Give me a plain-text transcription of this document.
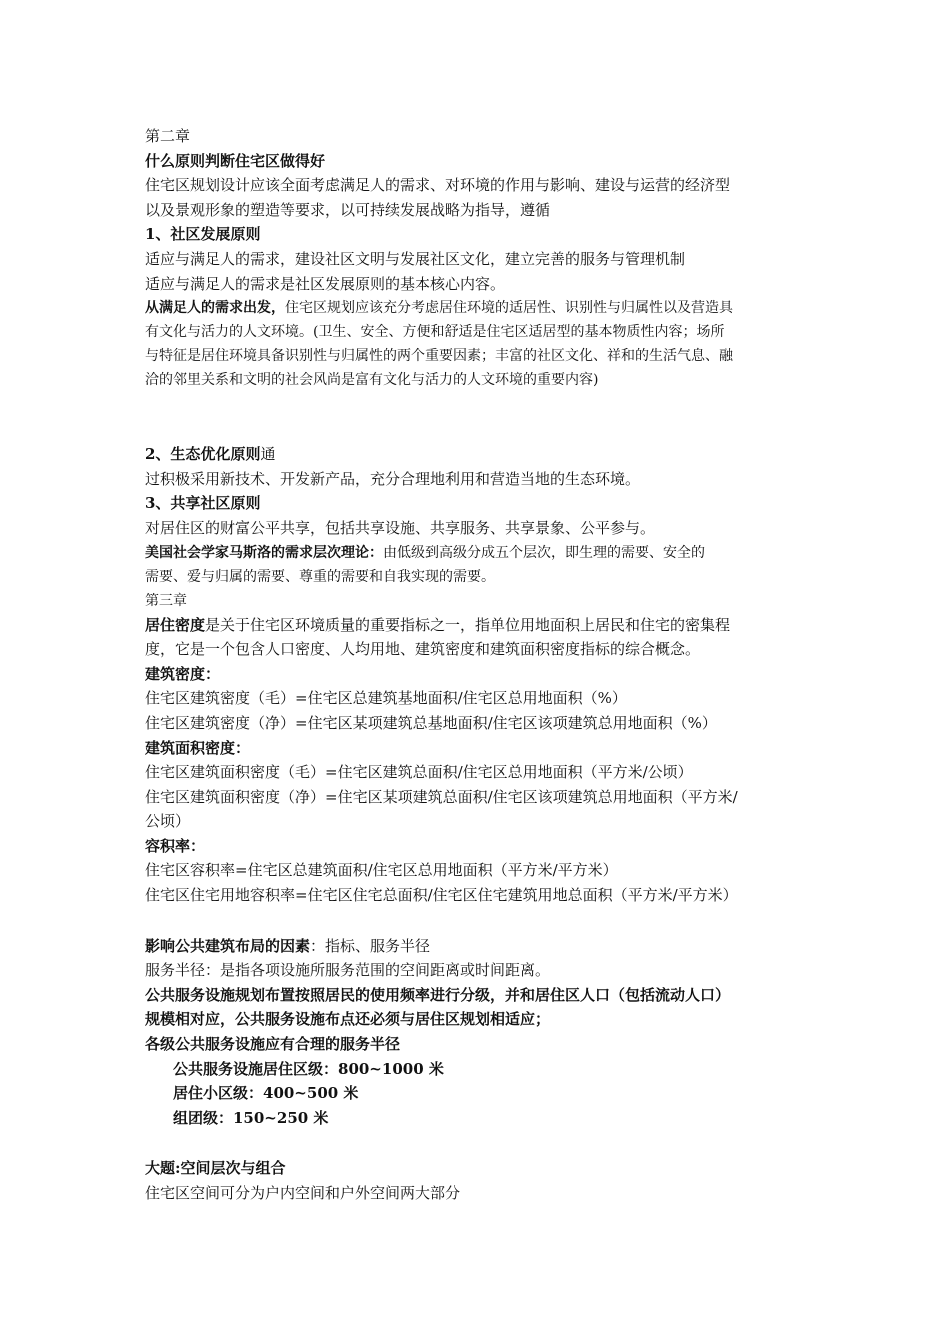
第二章
什么原则判断住宅区做得好
住宅区规划设计应该全面考虑满足人的需求、对环境的作用与影响、建设与运营的经济型
以及景观形象的塑造等要求，以可持续发展战略为指导，遵循
1、社区发展原则
适应与满足人的需求，建设社区文明与发展社区文化，建立完善的服务与管理机制
适应与满足人的需求是社区发展原则的基本核心内容。
从满足人的需求出发，住宅区规划应该充分考虑居住环境的适居性、识别性与归属性以及营造具
有文化与活力的人文环境。(卫生、安全、方便和舒适是住宅区适居型的基本物质性内容；场所
与特征是居住环境具备识别性与归属性的两个重要因素；丰富的社区文化、祥和的生活气息、融
洽的邻里关系和文明的社会风尚是富有文化与活力的人文环境的重要内容)
2、生态优化原则通
过积极采用新技术、开发新产品，充分合理地利用和营造当地的生态环境。
3、共享社区原则
对居住区的财富公平共享，包括共享设施、共享服务、共享景象、公平参与。
美国社会学家马斯洛的需求层次理论：由低级到高级分成五个层次，即生理的需要、安全的
需要、爱与归属的需要、尊重的需要和自我实现的需要。
第三章
居住密度是关于住宅区环境质量的重要指标之一，指单位用地面积上居民和住宅的密集程
度，它是一个包含人口密度、人均用地、建筑密度和建筑面积密度指标的综合概念。
建筑密度：
住宅区建筑密度（毛）=住宅区总建筑基地面积/住宅区总用地面积（%）
住宅区建筑密度（净）=住宅区某项建筑总基地面积/住宅区该项建筑总用地面积（%）
建筑面积密度：
住宅区建筑面积密度（毛）=住宅区建筑总面积/住宅区总用地面积（平方米/公顷）
住宅区建筑面积密度（净）=住宅区某项建筑总面积/住宅区该项建筑总用地面积（平方米/
公顷）
容积率：
住宅区容积率=住宅区总建筑面积/住宅区总用地面积（平方米/平方米）
住宅区住宅用地容积率=住宅区住宅总面积/住宅区住宅建筑用地总面积（平方米/平方米）
影响公共建筑布局的因素：指标、服务半径
服务半径：是指各项设施所服务范围的空间距离或时间距离。
公共服务设施规划布置按照居民的使用频率进行分级，并和居住区人口（包括流动人口）
规模相对应，公共服务设施布点还必须与居住区规划相适应；
各级公共服务设施应有合理的服务半径
公共服务设施居住区级：800~1000 米
居住小区级：400~500 米
组团级：150~250 米
大题:空间层次与组合
住宅区空间可分为户内空间和户外空间两大部分
